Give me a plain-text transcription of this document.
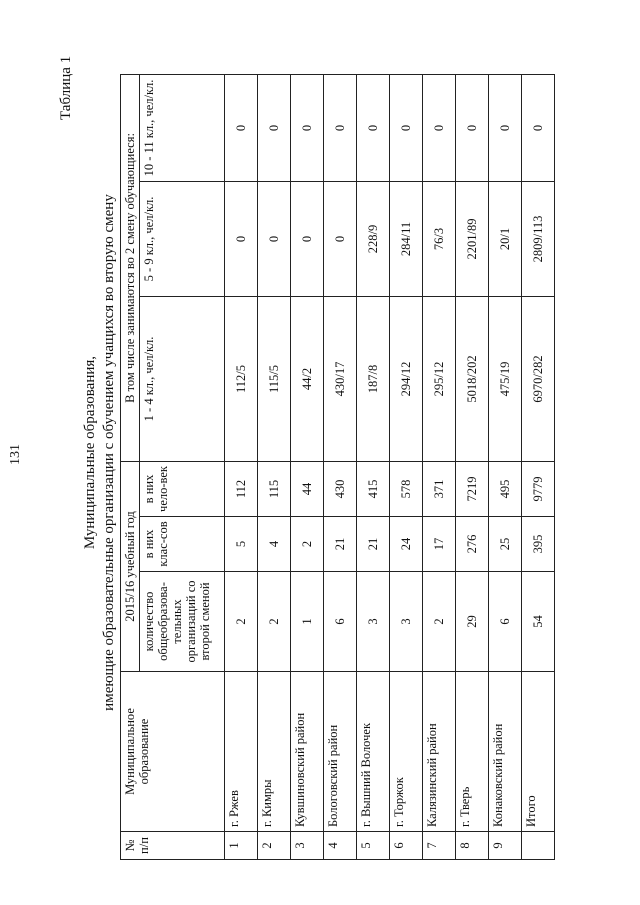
131
Таблица 1
Муниципальные образования, имеющие образовательные организации с обучением учащихся во вторую смену
№ п/п	Муниципальное образование	2015/16 учебный год			В том числе занимаются во 2 смену обучающиеся:		
		количество общеобразова-тельных организаций со второй сменой	в них клас-сов	в них чело-век	1 - 4 кл., чел/кл.	5 - 9 кл., чел/кл.	10 - 11 кл., чел/кл.
1	г. Ржев	2	5	112	112/5	0	0
2	г. Кимры	2	4	115	115/5	0	0
3	Кувшиновский район	1	2	44	44/2	0	0
4	Бологовский район	6	21	430	430/17	0	0
5	г. Вышний Волочек	3	21	415	187/8	228/9	0
6	г. Торжок	3	24	578	294/12	284/11	0
7	Калязинский район	2	17	371	295/12	76/3	0
8	г. Тверь	29	276	7219	5018/202	2201/89	0
9	Конаковский район	6	25	495	475/19	20/1	0
	Итого	54	395	9779	6970/282	2809/113	0
